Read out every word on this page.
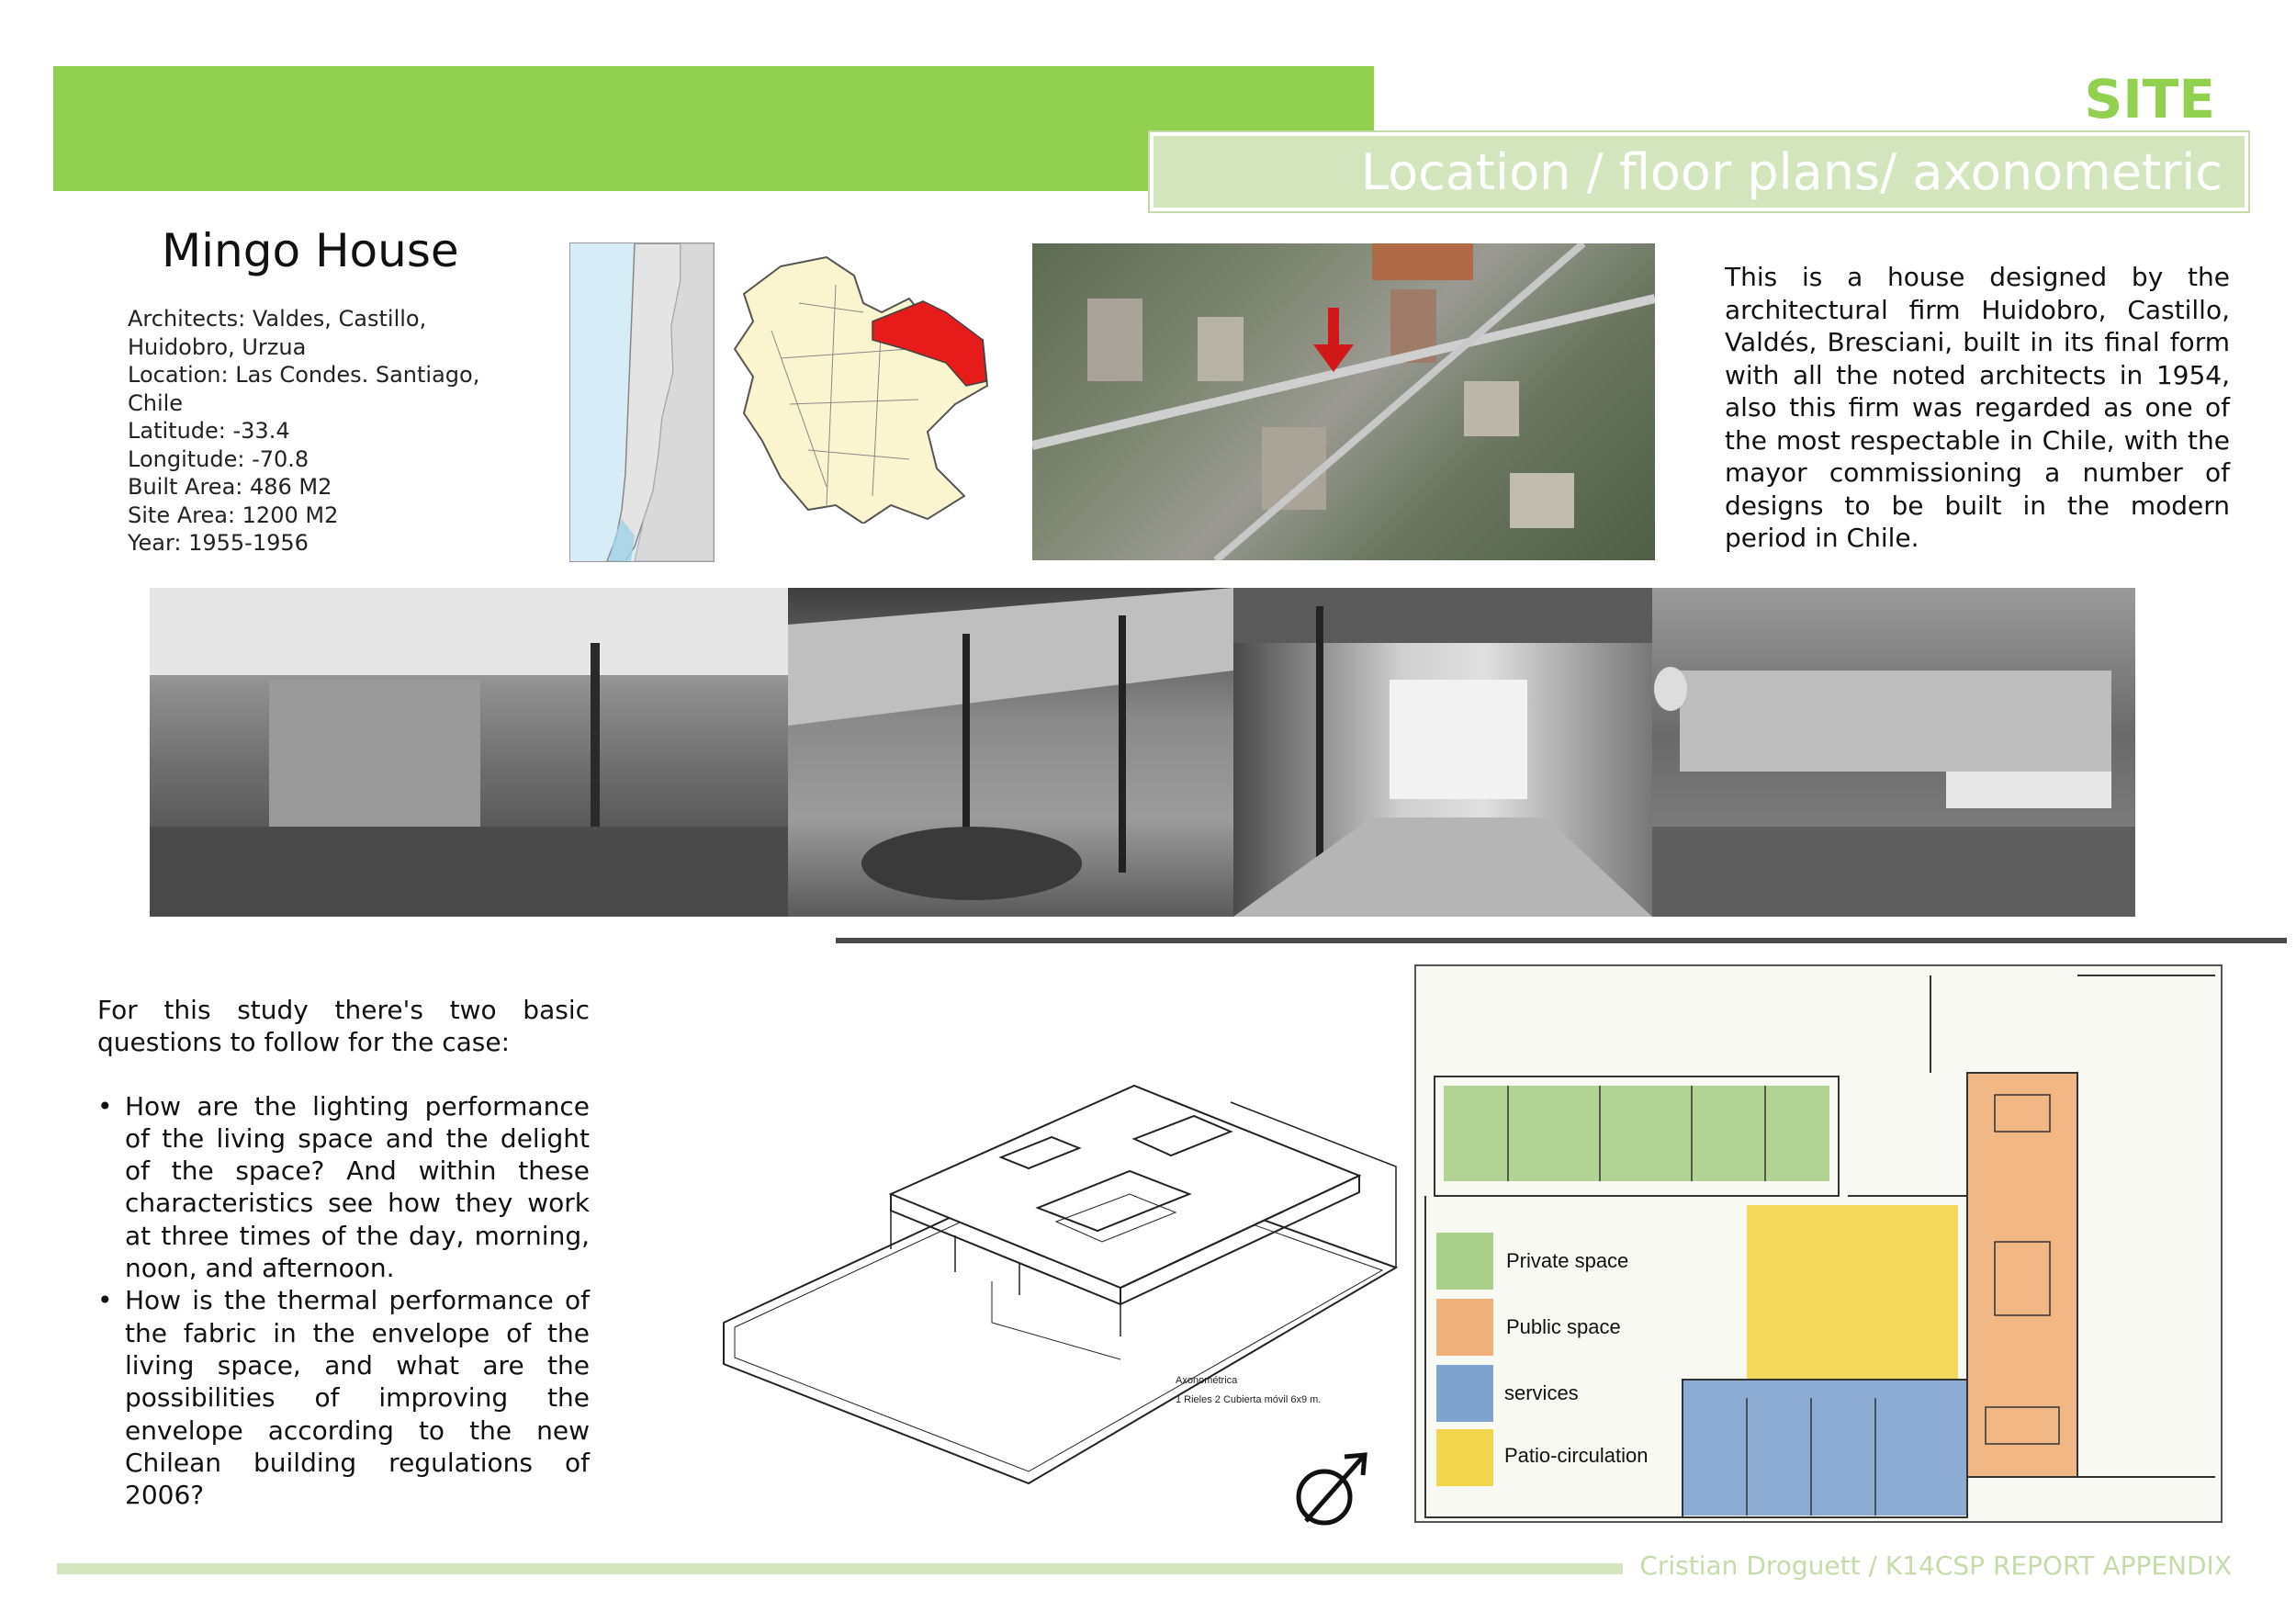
SITE
Location / floor plans/ axonometric
Mingo House
Architects: Valdes, Castillo, Huidobro, Urzua
Location: Las Condes. Santiago, Chile
Latitude: -33.4
Longitude: -70.8
Built Area: 486 M2
Site Area: 1200 M2
Year: 1955-1956
This is a house designed by the architectural firm Huidobro, Castillo, Valdés, Bresciani, built in its final form with all the noted architects in 1954, also this firm was regarded as one of the most respectable in Chile, with the mayor commissioning a number of designs to be built in the modern period in Chile.
For this study there's two basic questions to follow for the case:
• How are the lighting performance of the living space and the delight of the space? And within these characteristics see how they work at three times of the day, morning, noon, and afternoon.
• How is the thermal performance of the fabric in the envelope of the living space, and what are the possibilities of improving the envelope according to the new Chilean building regulations of 2006?
Axonométrica
1 Rieles 2 Cubierta móvil 6x9 m.
Private space
Public space
services
Patio-circulation
Cristian Droguett / K14CSP REPORT APPENDIX
